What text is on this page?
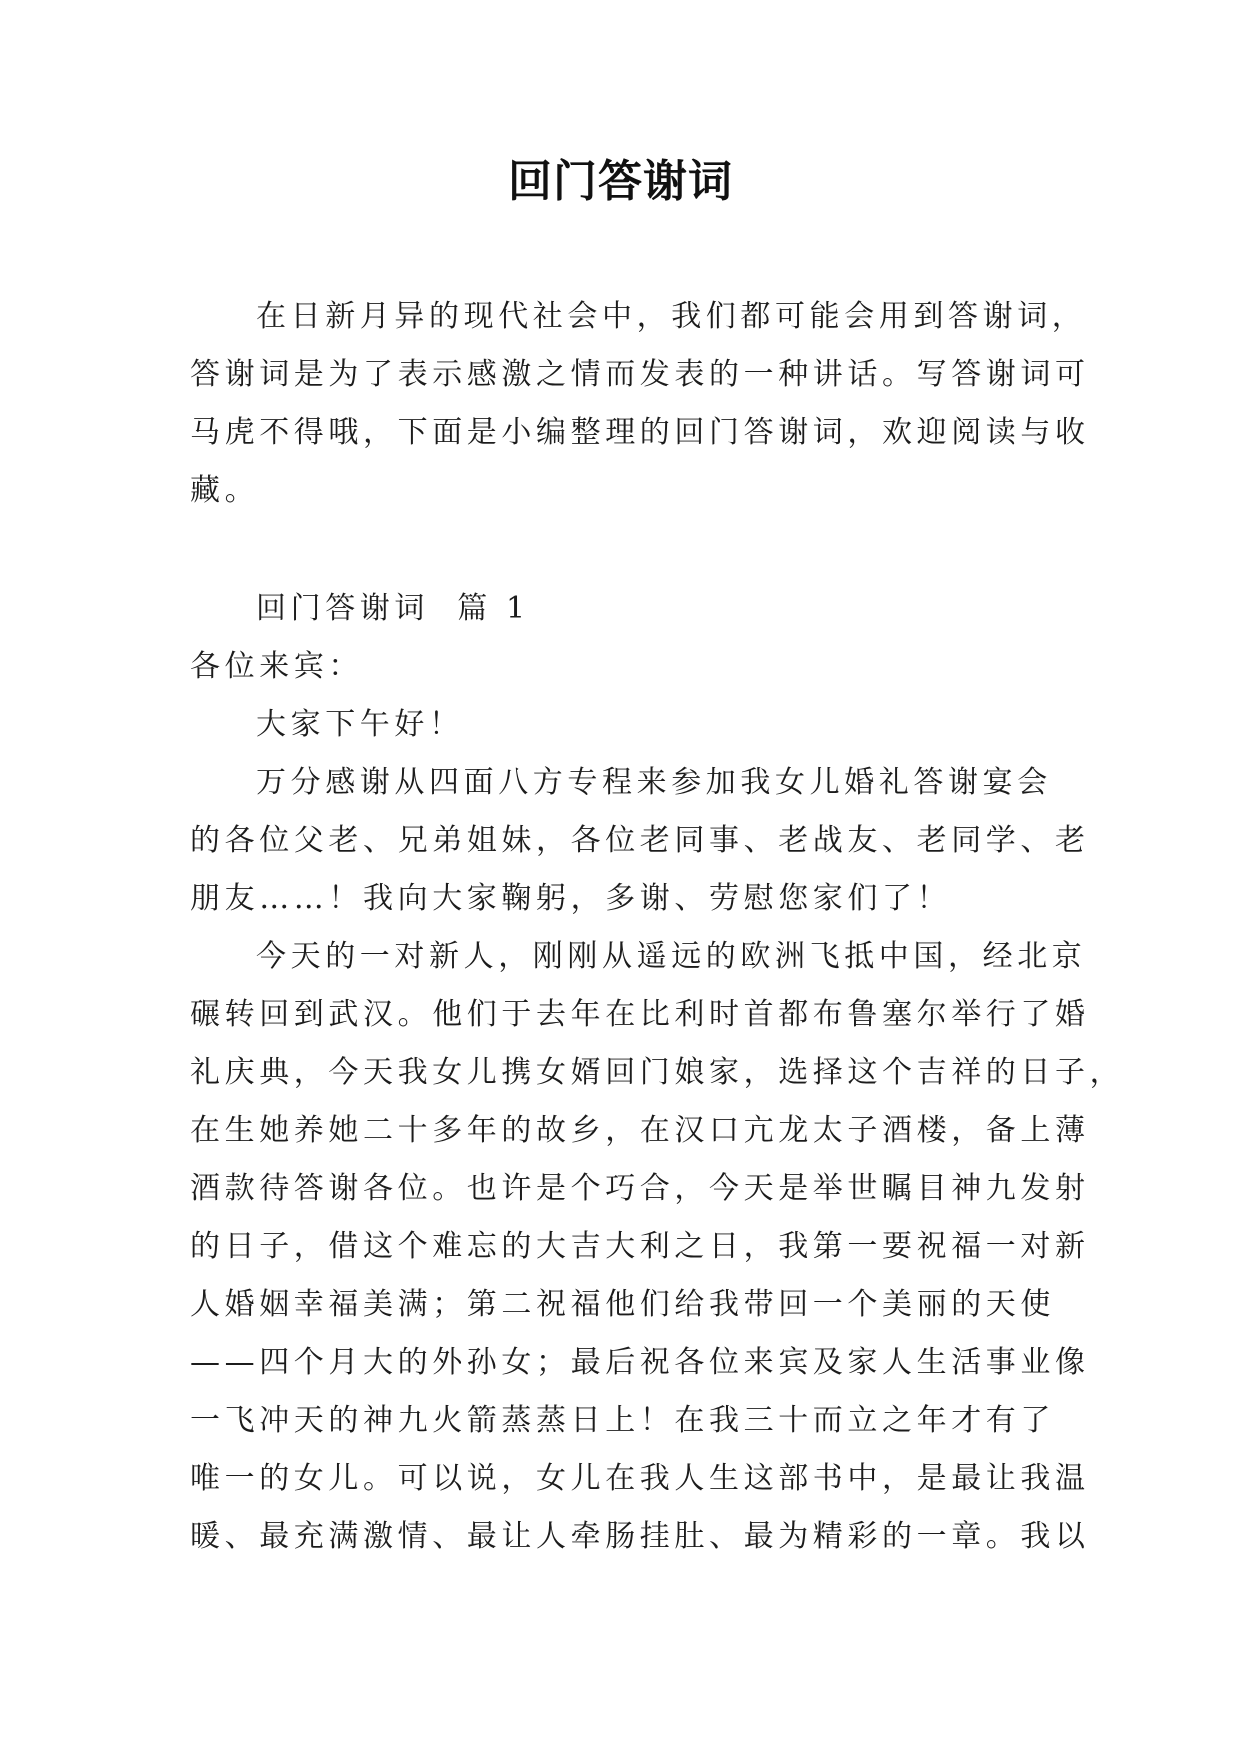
回门答谢词
在日新月异的现代社会中，我们都可能会用到答谢词，
答谢词是为了表示感激之情而发表的一种讲话。写答谢词可
马虎不得哦，下面是小编整理的回门答谢词，欢迎阅读与收
藏。
回门答谢词  篇 1
各位来宾：
大家下午好！
万分感谢从四面八方专程来参加我女儿婚礼答谢宴会
的各位父老、兄弟姐妹，各位老同事、老战友、老同学、老
朋友……！我向大家鞠躬，多谢、劳慰您家们了！
今天的一对新人，刚刚从遥远的欧洲飞抵中国，经北京
碾转回到武汉。他们于去年在比利时首都布鲁塞尔举行了婚
礼庆典，今天我女儿携女婿回门娘家，选择这个吉祥的日子，
在生她养她二十多年的故乡，在汉口亢龙太子酒楼，备上薄
酒款待答谢各位。也许是个巧合，今天是举世瞩目神九发射
的日子，借这个难忘的大吉大利之日，我第一要祝福一对新
人婚姻幸福美满；第二祝福他们给我带回一个美丽的天使
——四个月大的外孙女；最后祝各位来宾及家人生活事业像
一飞冲天的神九火箭蒸蒸日上！在我三十而立之年才有了
唯一的女儿。可以说，女儿在我人生这部书中，是最让我温
暖、最充满激情、最让人牵肠挂肚、最为精彩的一章。我以
